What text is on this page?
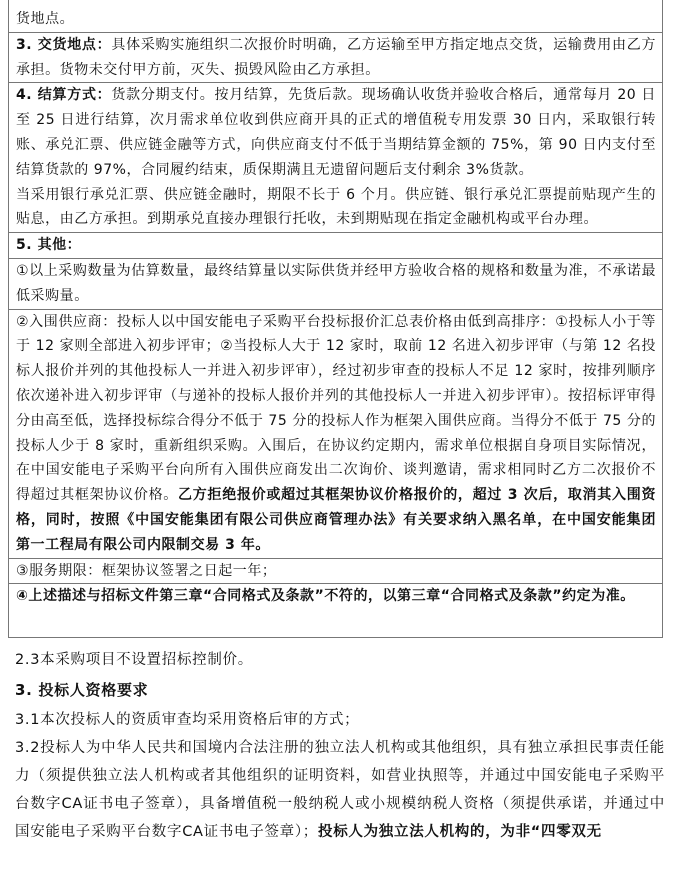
货地点。

3. 交货地点：具体采购实施组织二次报价时明确，乙方运输至甲方指定地点交货，运输费用由乙方承担。货物未交付甲方前，灭失、损毁风险由乙方承担。

4. 结算方式：货款分期支付。按月结算，先货后款。现场确认收货并验收合格后，通常每月 20 日至 25 日进行结算，次月需求单位收到供应商开具的正式的增值税专用发票 30 日内，采取银行转账、承兑汇票、供应链金融等方式，向供应商支付不低于当期结算金额的 75%，第 90 日内支付至结算货款的 97%，合同履约结束，质保期满且无遗留问题后支付剩余 3%货款。

当采用银行承兑汇票、供应链金融时，期限不长于 6 个月。供应链、银行承兑汇票提前贴现产生的贴息，由乙方承担。到期承兑直接办理银行托收，未到期贴现在指定金融机构或平台办理。

5. 其他：

①以上采购数量为估算数量，最终结算量以实际供货并经甲方验收合格的规格和数量为准，不承诺最低采购量。

②入围供应商：投标人以中国安能电子采购平台投标报价汇总表价格由低到高排序：①投标人小于等于 12 家则全部进入初步评审；②当投标人大于 12 家时，取前 12 名进入初步评审（与第 12 名投标人报价并列的其他投标人一并进入初步评审），经过初步审查的投标人不足 12 家时，按排列顺序依次递补进入初步评审（与递补的投标人报价并列的其他投标人一并进入初步评审）。按招标评审得分由高至低，选择投标综合得分不低于 75 分的投标人作为框架入围供应商。当得分不低于 75 分的投标人少于 8 家时，重新组织采购。入围后，在协议约定期内，需求单位根据自身项目实际情况，在中国安能电子采购平台向所有入围供应商发出二次询价、谈判邀请，需求相同时乙方二次报价不得超过其框架协议价格。乙方拒绝报价或超过其框架协议价格报价的，超过 3 次后，取消其入围资格，同时，按照《中国安能集团有限公司供应商管理办法》有关要求纳入黑名单，在中国安能集团第一工程局有限公司内限制交易 3 年。

③服务期限：框架协议签署之日起一年；

④上述描述与招标文件第三章“合同格式及条款”不符的，以第三章“合同格式及条款”约定为准。

2.3本采购项目不设置招标控制价。

3. 投标人资格要求

3.1本次投标人的资质审查均采用资格后审的方式；

3.2投标人为中华人民共和国境内合法注册的独立法人机构或其他组织，具有独立承担民事责任能力（须提供独立法人机构或者其他组织的证明资料，如营业执照等，并通过中国安能电子采购平台数字CA证书电子签章），具备增值税一般纳税人或小规模纳税人资格（须提供承诺，并通过中国安能电子采购平台数字CA证书电子签章）；投标人为独立法人机构的，为非“四零双无
